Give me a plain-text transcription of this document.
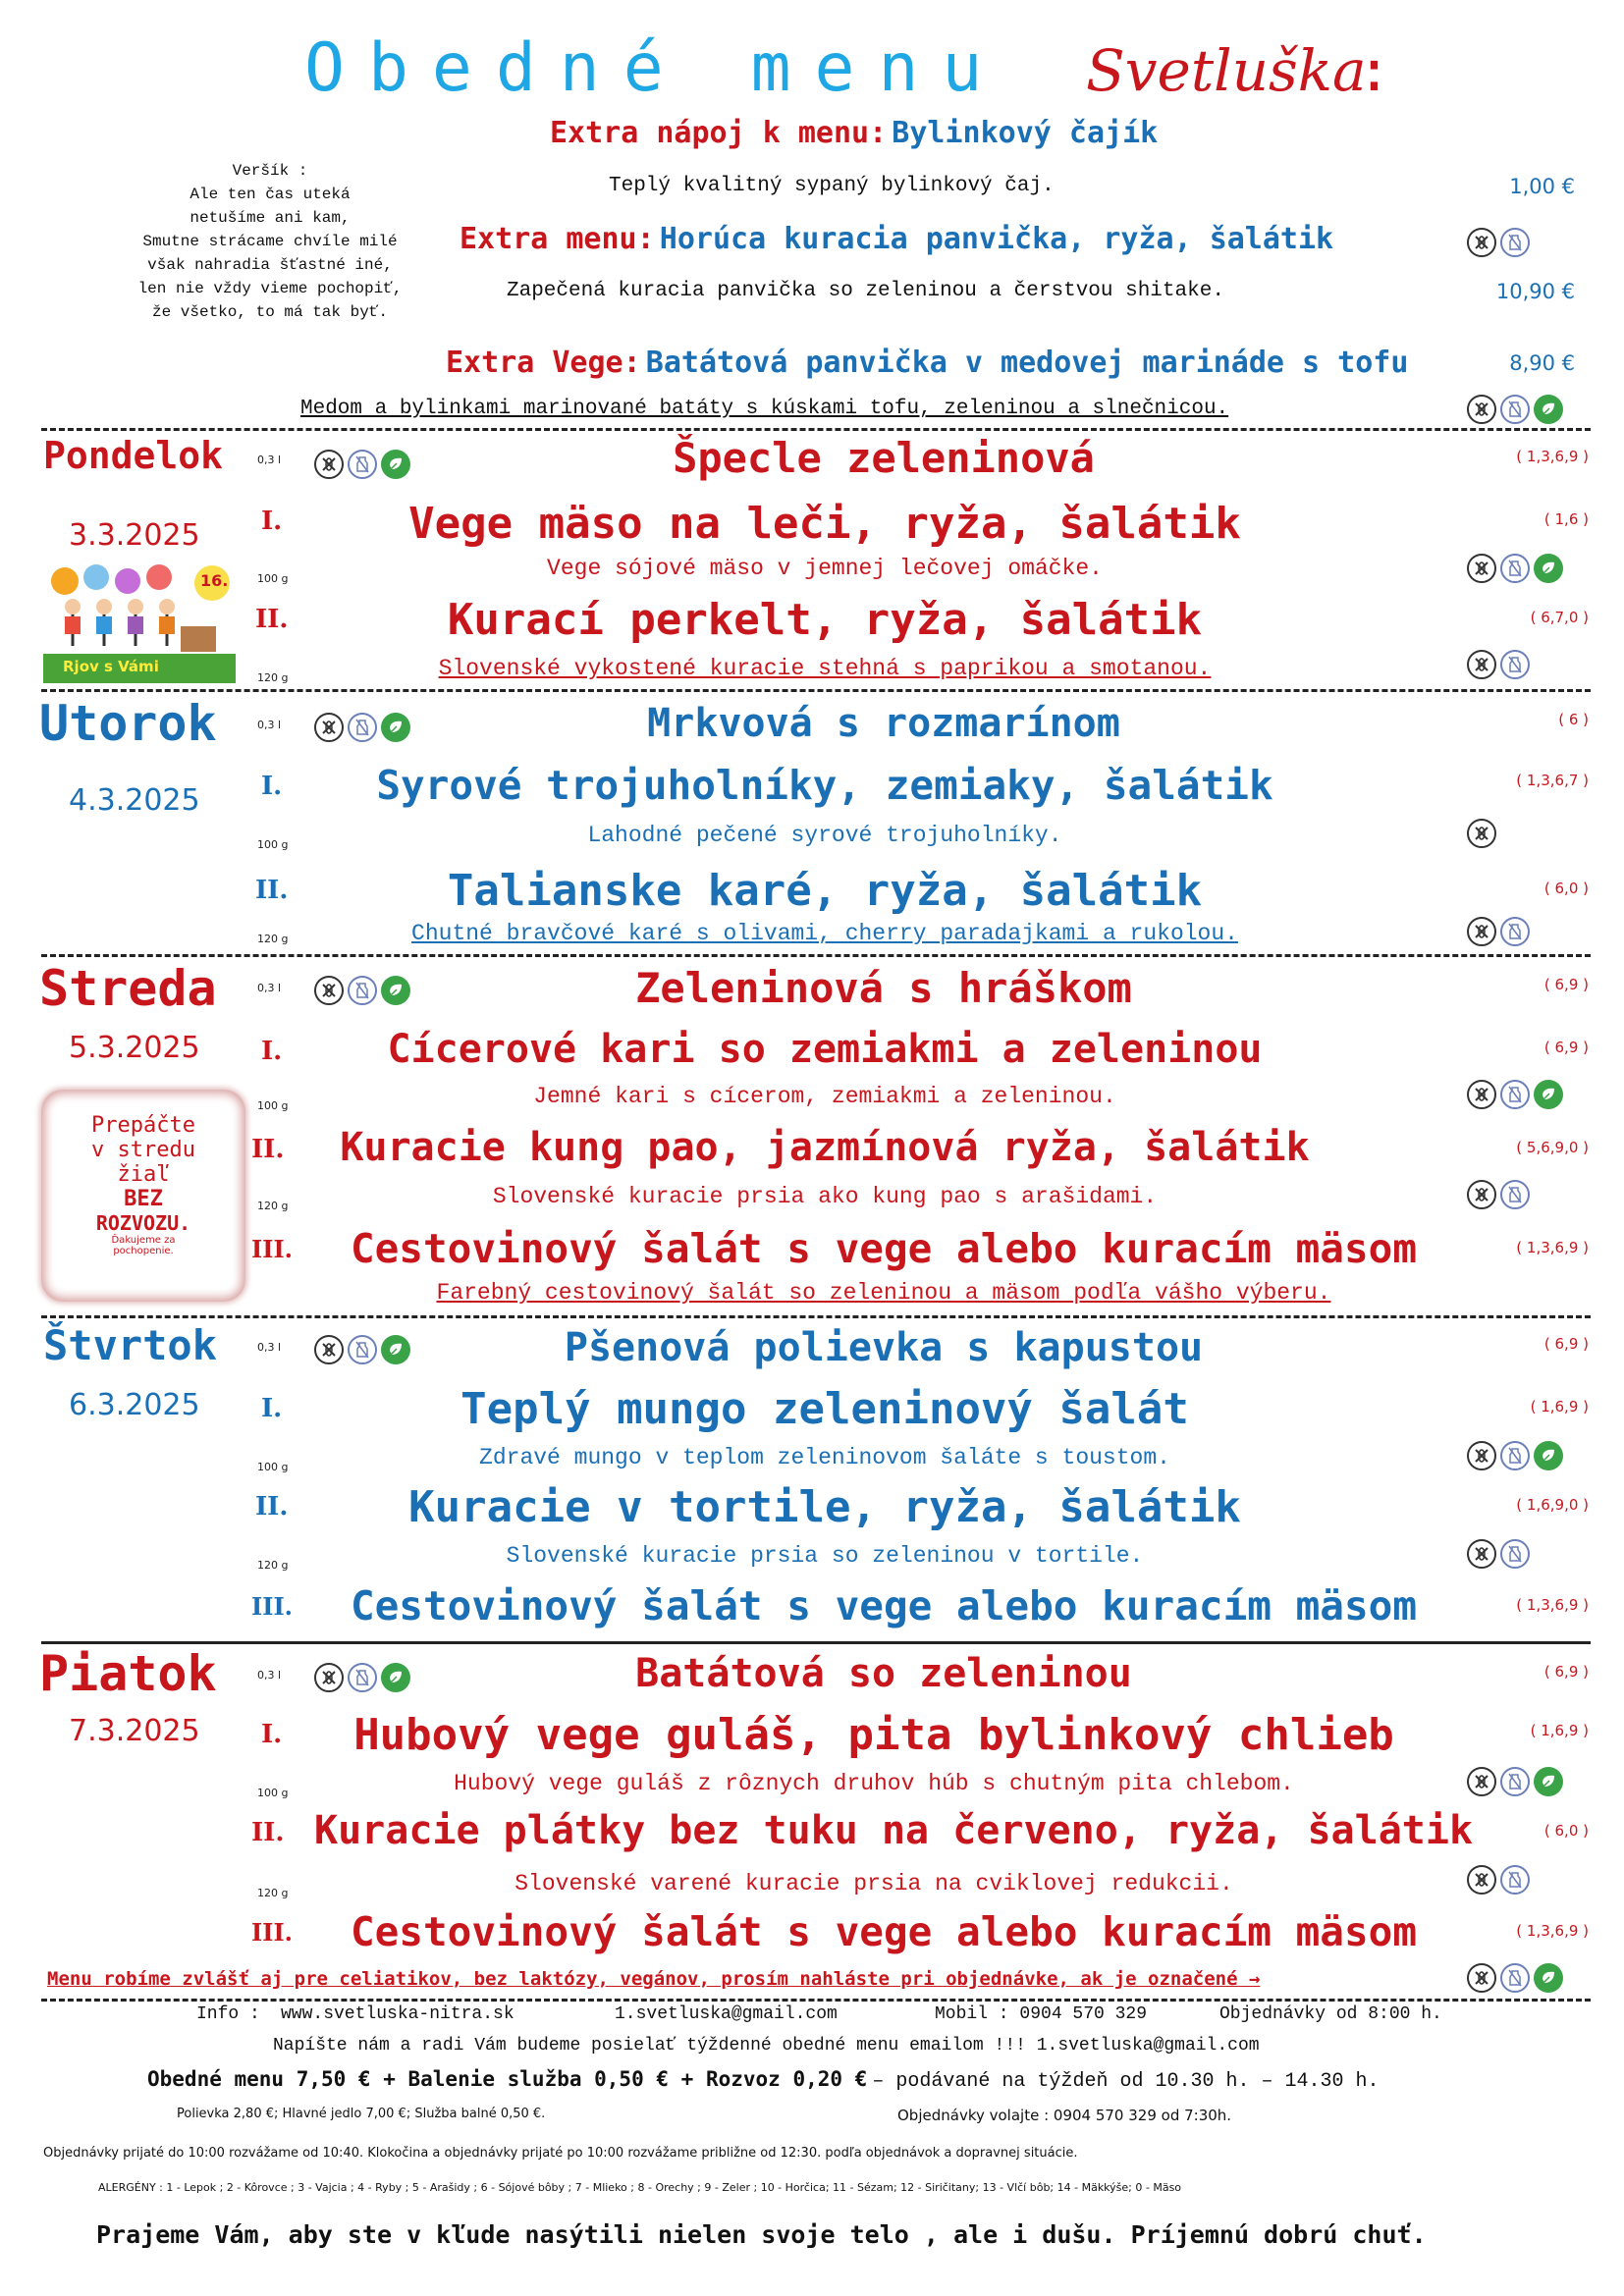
Obedné menu Svetluška
:
Veršík :
Ale ten čas uteká
netušíme ani kam,
Smutne strácame chvíle milé
však nahradia šťastné iné,
len nie vždy vieme pochopiť,
že všetko, to má tak byť.
Extra nápoj k menu: Bylinkový čajík
Teplý kvalitný sypaný bylinkový čaj.	1,00 €
Extra menu: Horúca kuracia panvička, ryža, šalátik
Zapečená kuracia panvička so zeleninou a čerstvou shitake.	10,90 €
Extra Vege: Batátová panvička v medovej marináde s tofu	8,90 €
Medom a bylinkami marinované batáty s kúskami tofu, zeleninou a slnečnicou.
Pondelok	0,3 l	Špecle zeleninová	( 1,3,6,9 )
3.3.2025
16.
Rjov s Vámi
I.	Vege mäso na leči, ryža, šalátik	( 1,6 )
100 g	Vege sójové mäso v jemnej lečovej omáčke.
II.	Kurací perkelt, ryža, šalátik	( 6,7,0 )
120 g	Slovenské vykostené kuracie stehná s paprikou a smotanou.
Utorok	0,3 l	Mrkvová s rozmarínom	( 6 )
4.3.2025 I.	Syrové trojuholníky, zemiaky, šalátik	( 1,3,6,7 )
100 g	Lahodné pečené syrové trojuholníky.
II.	Talianske karé, ryža, šalátik	( 6,0 )
120 g	Chutné bravčové karé s olivami, cherry paradajkami a rukolou.
Streda	0,3 l	Zeleninová s hráškom	( 6,9 )
5.3.2025 I.	Cícerové kari so zemiakmi a zeleninou	( 6,9 )
100 g	Jemné kari s cícerom, zemiakmi a zeleninou.
II. Kuracie kung pao, jazmínová ryža, šalátik	( 5,6,9,0 )
120 g	Slovenské kuracie prsia ako kung pao s arašidami.
III.	Cestovinový šalát s vege alebo kuracím mäsom	( 1,3,6,9 )
Farebný cestovinový šalát so zeleninou a mäsom podľa vášho výberu.
Prepáčte
v stredu
žiaľ
BEZ
ROZVOZU.
Ďakujeme za
pochopenie.
Štvrtok	0,3 l	Pšenová polievka s kapustou	( 6,9 )
6.3.2025 I.	Teplý mungo zeleninový šalát	( 1,6,9 )
100 g	Zdravé mungo v teplom zeleninovom šaláte s toustom.
II.	Kuracie v tortile, ryža, šalátik	( 1,6,9,0 )
120 g	Slovenské kuracie prsia so zeleninou v tortile.
III.	Cestovinový šalát s vege alebo kuracím mäsom	( 1,3,6,9 )
Piatok	0,3 l	Batátová so zeleninou	( 6,9 )
7.3.2025 I.	Hubový vege guláš, pita bylinkový chlieb	( 1,6,9 )
100 g	Hubový vege guláš z rôznych druhov húb s chutným pita chlebom.
II. Kuracie plátky bez tuku na červeno, ryža, šalátik	( 6,0 )
120 g	Slovenské varené kuracie prsia na cviklovej redukcii.
III.	Cestovinový šalát s vege alebo kuracím mäsom	( 1,3,6,9 )
Menu robíme zvlášť aj pre celiatikov, bez laktózy, vegánov, prosím nahláste pri objednávke, ak je označené →
Info : www.svetluska-nitra.sk	1.svetluska@gmail.com	Mobil : 0904 570 329	Objednávky od 8:00 h.
Napíšte nám a radi Vám budeme posielať týždenné obedné menu emailom !!! 1.svetluska@gmail.com
Obedné menu 7,50 € + Balenie služba 0,50 € + Rozvoz 0,20 € – podávané na týždeň od 10.30 h. – 14.30 h.
Polievka 2,80 €; Hlavné jedlo 7,00 €; Služba balné 0,50 €.	Objednávky volajte : 0904 570 329 od 7:30h.
Objednávky prijaté do 10:00 rozvážame od 10:40. Klokočina a objednávky prijaté po 10:00 rozvážame približne od 12:30. podľa objednávok a dopravnej situácie.
ALERGÉNY : 1 - Lepok ; 2 - Kôrovce ; 3 - Vajcia ; 4 - Ryby ; 5 - Arašidy ; 6 - Sójové bôby ; 7 - Mlieko ; 8 - Orechy ; 9 - Zeler ; 10 - Horčica; 11 - Sézam; 12 - Siričitany; 13 - Vlčí bôb; 14 - Mäkkýše; 0 - Mäso
Prajeme Vám, aby ste v kľude nasýtili nielen svoje telo , ale i dušu. Príjemnú dobrú chuť.
